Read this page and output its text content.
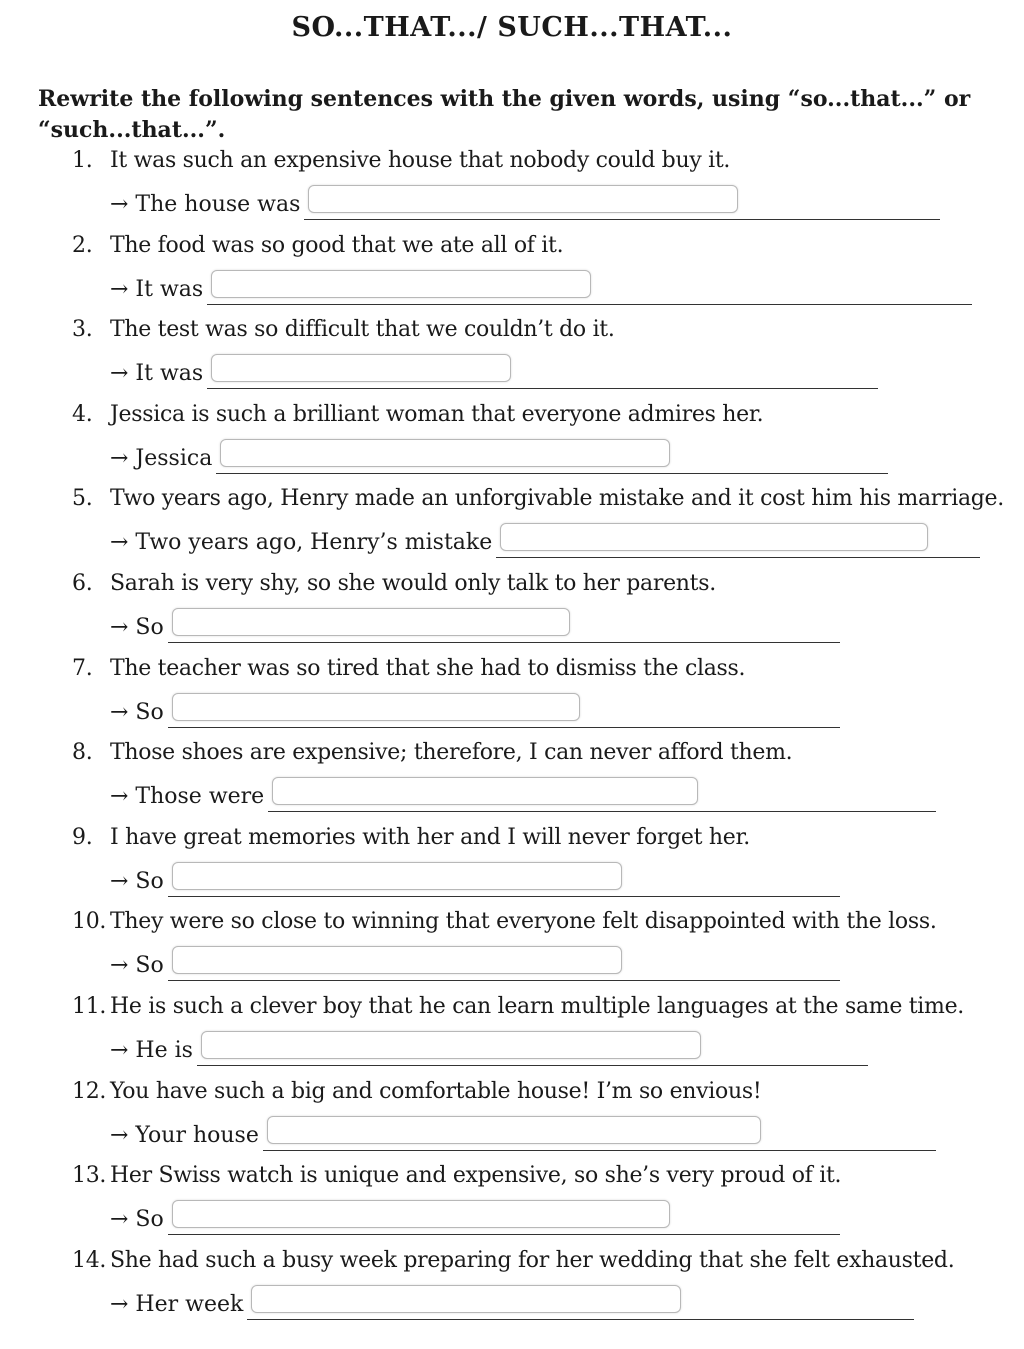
SO...THAT.../ SUCH...THAT...
Rewrite the following sentences with the given words, using “so...that...” or “such...that...”.
1. It was such an expensive house that nobody could buy it.
→ The house was
2. The food was so good that we ate all of it.
→ It was
3. The test was so difficult that we couldn’t do it.
→ It was
4. Jessica is such a brilliant woman that everyone admires her.
→ Jessica
5. Two years ago, Henry made an unforgivable mistake and it cost him his marriage.
→ Two years ago, Henry’s mistake
6. Sarah is very shy, so she would only talk to her parents.
→ So
7. The teacher was so tired that she had to dismiss the class.
→ So
8. Those shoes are expensive; therefore, I can never afford them.
→ Those were
9. I have great memories with her and I will never forget her.
→ So
10. They were so close to winning that everyone felt disappointed with the loss.
→ So
11. He is such a clever boy that he can learn multiple languages at the same time.
→ He is
12. You have such a big and comfortable house! I’m so envious!
→ Your house
13. Her Swiss watch is unique and expensive, so she’s very proud of it.
→ So
14. She had such a busy week preparing for her wedding that she felt exhausted.
→ Her week
